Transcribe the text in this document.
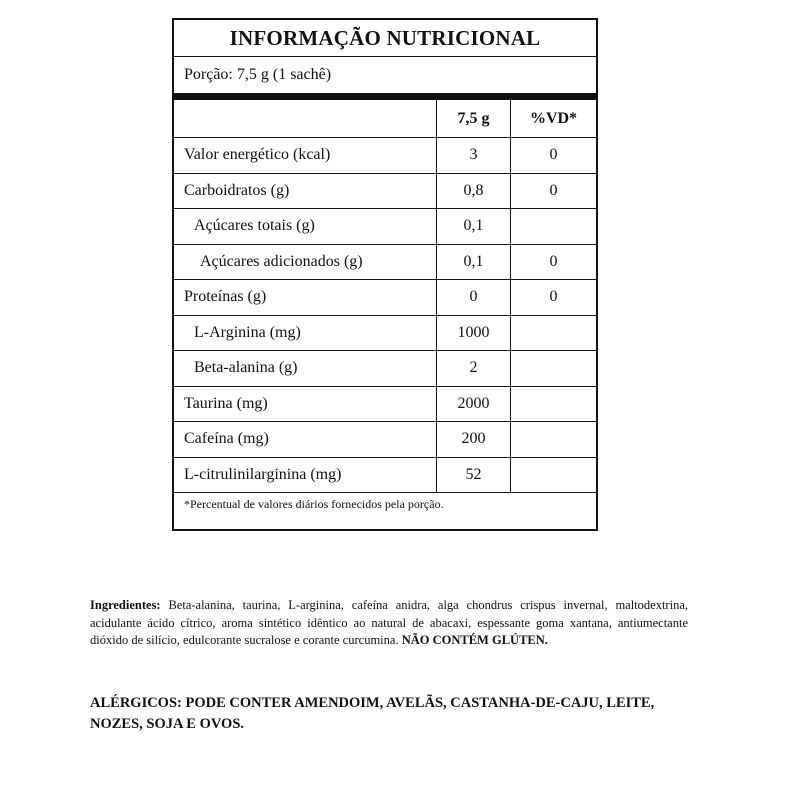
INFORMAÇÃO NUTRICIONAL
Porção: 7,5 g (1 sachê)
	7,5 g	%VD*
Valor energético (kcal)	3	0
Carboidratos (g)	0,8	0
Açúcares totais (g)	0,1	
Açúcares adicionados (g)	0,1	0
Proteínas (g)	0	0
L-Arginina (mg)	1000	
Beta-alanina (g)	2	
Taurina (mg)	2000	
Cafeína (mg)	200	
L-citrulinilarginina (mg)	52	
*Percentual de valores diários fornecidos pela porção.
Ingredientes: Beta-alanina, taurina, L-arginina, cafeína anidra, alga chondrus crispus invernal, maltodextrina, acidulante ácido cítrico, aroma sintético idêntico ao natural de abacaxi, espessante goma xantana, antiumectante dióxido de silício, edulcorante sucralose e corante curcumina. NÃO CONTÉM GLÚTEN.
ALÉRGICOS: PODE CONTER AMENDOIM, AVELÃS, CASTANHA-DE-CAJU, LEITE, NOZES, SOJA E OVOS.
